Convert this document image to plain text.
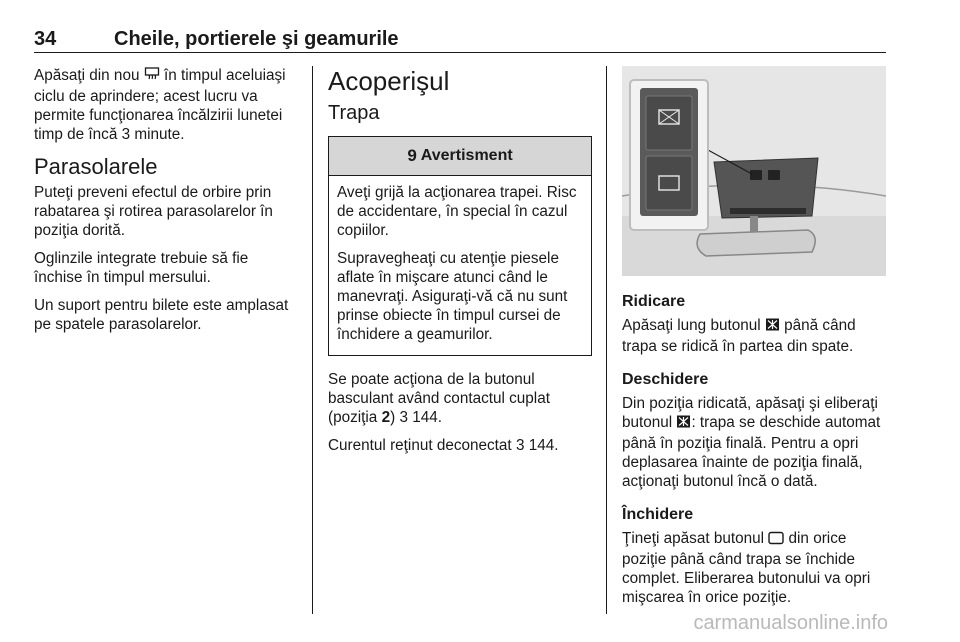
34	Cheile, portierele şi geamurile

Apăsaţi din nou  în timpul aceluiaşi ciclu de aprindere; acest lucru va permite funcţionarea încălzirii lunetei timp de încă 3 minute.

Parasolarele

Puteţi preveni efectul de orbire prin rabatarea şi rotirea parasolarelor în poziţia dorită.

Oglinzile integrate trebuie să fie închise în timpul mersului.

Un suport pentru bilete este amplasat pe spatele parasolarelor.

Acoperişul
Trapa
9 Avertisment

Aveţi grijă la acţionarea trapei. Risc de accidentare, în special în cazul copiilor.

Supravegheaţi cu atenţie piesele aflate în mişcare atunci când le manevraţi. Asiguraţi-vă că nu sunt prinse obiecte în timpul cursei de închidere a geamurilor.

Se poate acţiona de la butonul basculant având contactul cuplat (poziţia 2) 3 144.

Curentul reţinut deconectat 3 144.

Ridicare

Apăsaţi lung butonul  până când trapa se ridică în partea din spate.

Deschidere

Din poziţia ridicată, apăsaţi şi eliberaţi butonul : trapa se deschide automat până în poziţia finală. Pentru a opri deplasarea înainte de poziţia finală, acţionaţi butonul încă o dată.

Închidere

Ţineţi apăsat butonul  din orice poziţie până când trapa se închide complet. Eliberarea butonului va opri mişcarea în orice poziţie.

carmanualsonline.info
